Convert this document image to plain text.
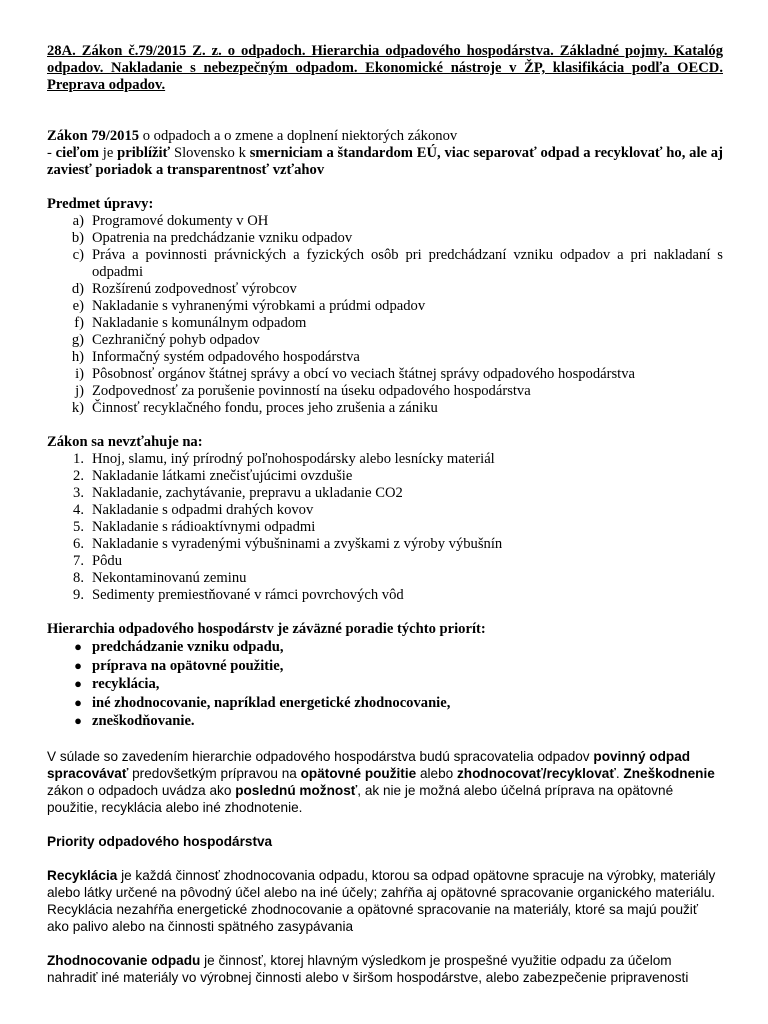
28A. Zákon č.79/2015 Z. z. o odpadoch. Hierarchia odpadového hospodárstva. Základné pojmy. Katalóg odpadov. Nakladanie s nebezpečným odpadom. Ekonomické nástroje v ŽP, klasifikácia podľa OECD. Preprava odpadov.

Zákon 79/2015 o odpadoch a o zmene a doplnení niektorých zákonov

- cieľom je priblížiť Slovensko k smerniciam a štandardom EÚ, viac separovať odpad a recyklovať ho, ale aj zaviesť poriadok a transparentnosť vzťahov

Predmet úpravy:

a) Programové dokumenty v OH
b) Opatrenia na predchádzanie vzniku odpadov
c) Práva a povinnosti právnických a fyzických osôb pri predchádzaní vzniku odpadov a pri nakladaní s odpadmi
d) Rozšírenú zodpovednosť výrobcov
e) Nakladanie s vyhranenými výrobkami a prúdmi odpadov
f) Nakladanie s komunálnym odpadom
g) Cezhraničný pohyb odpadov
h) Informačný systém odpadového hospodárstva
i) Pôsobnosť orgánov štátnej správy a obcí vo veciach štátnej správy odpadového hospodárstva
j) Zodpovednosť za porušenie povinností na úseku odpadového hospodárstva
k) Činnosť recyklačného fondu, proces jeho zrušenia a zániku

Zákon sa nevzťahuje na:

1. Hnoj, slamu, iný prírodný poľnohospodársky alebo lesnícky materiál
2. Nakladanie látkami znečisťujúcimi ovzdušie
3. Nakladanie, zachytávanie, prepravu a ukladanie CO2
4. Nakladanie s odpadmi drahých kovov
5. Nakladanie s rádioaktívnymi odpadmi
6. Nakladanie s vyradenými výbušninami a zvyškami z výroby výbušnín
7. Pôdu
8. Nekontaminovanú zeminu
9. Sedimenty premiestňované v rámci povrchových vôd

Hierarchia odpadového hospodárstv je záväzné poradie týchto priorít:

● predchádzanie vzniku odpadu,
● príprava na opätovné použitie,
● recyklácia,
● iné zhodnocovanie, napríklad energetické zhodnocovanie,
● zneškodňovanie.

V súlade so zavedením hierarchie odpadového hospodárstva budú spracovatelia odpadov povinný odpad spracovávať predovšetkým prípravou na opätovné použitie alebo zhodnocovať/recyklovať. Zneškodnenie zákon o odpadoch uvádza ako poslednú možnosť, ak nie je možná alebo účelná príprava na opätovné použitie, recyklácia alebo iné zhodnotenie.

Priority odpadového hospodárstva

Recyklácia je každá činnosť zhodnocovania odpadu, ktorou sa odpad opätovne spracuje na výrobky, materiály alebo látky určené na pôvodný účel alebo na iné účely; zahŕňa aj opätovné spracovanie organického materiálu. Recyklácia nezahŕňa energetické zhodnocovanie a opätovné spracovanie na materiály, ktoré sa majú použiť ako palivo alebo na činnosti spätného zasypávania

Zhodnocovanie odpadu je činnosť, ktorej hlavným výsledkom je prospešné využitie odpadu za účelom nahradiť iné materiály vo výrobnej činnosti alebo v širšom hospodárstve, alebo zabezpečenie pripravenosti
